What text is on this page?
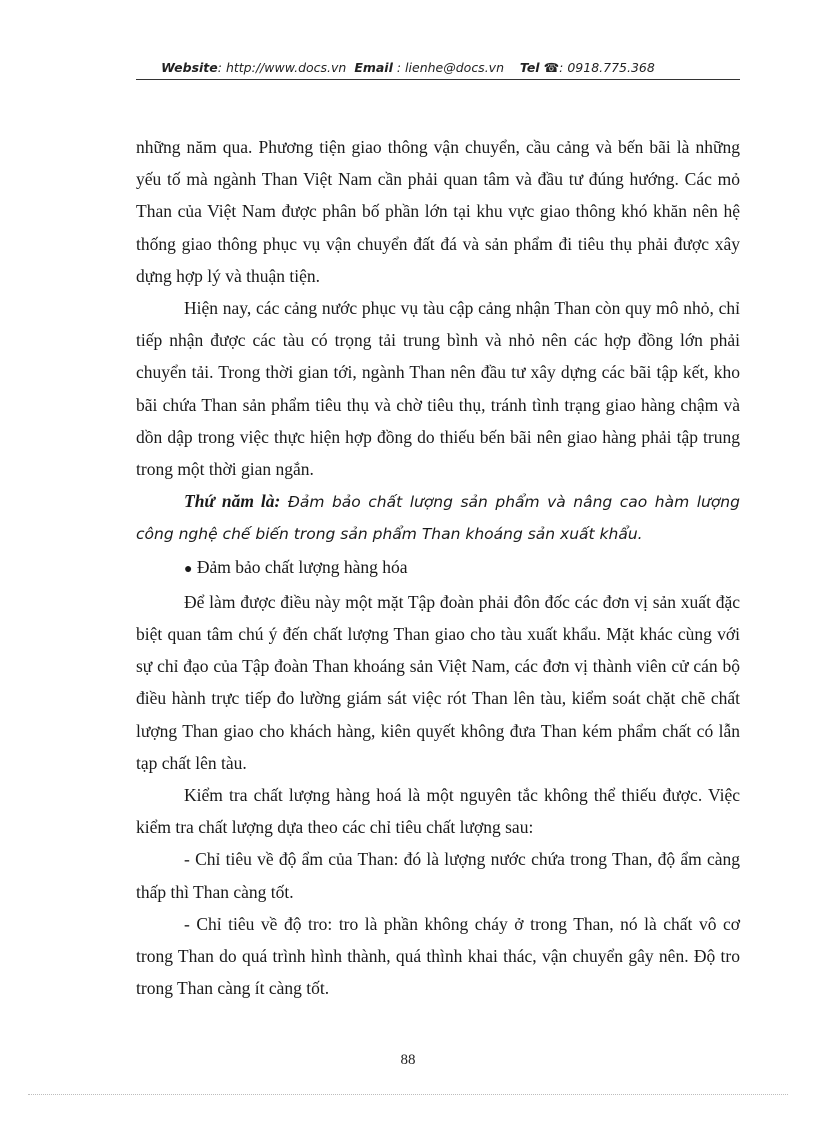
Website: http://www.docs.vn Email : lienhe@docs.vn Tel ☎: 0918.775.368

những năm qua. Phương tiện giao thông vận chuyển, cầu cảng và bến bãi là những yếu tố mà ngành Than Việt Nam cần phải quan tâm và đầu tư đúng hướng. Các mỏ Than của Việt Nam được phân bố phần lớn tại khu vực giao thông khó khăn nên hệ thống giao thông phục vụ vận chuyển đất đá và sản phẩm đi tiêu thụ phải được xây dựng hợp lý và thuận tiện.

Hiện nay, các cảng nước phục vụ tàu cập cảng nhận Than còn quy mô nhỏ, chỉ tiếp nhận được các tàu có trọng tải trung bình và nhỏ nên các hợp đồng lớn phải chuyển tải. Trong thời gian tới, ngành Than nên đầu tư xây dựng các bãi tập kết, kho bãi chứa Than sản phẩm tiêu thụ và chờ tiêu thụ, tránh tình trạng giao hàng chậm và dồn dập trong việc thực hiện hợp đồng do thiếu bến bãi nên giao hàng phải tập trung trong một thời gian ngắn.

Thứ năm là: Đảm bảo chất lượng sản phẩm và nâng cao hàm lượng công nghệ chế biến trong sản phẩm Than khoáng sản xuất khẩu.

● Đảm bảo chất lượng hàng hóa

Để làm được điều này một mặt Tập đoàn phải đôn đốc các đơn vị sản xuất đặc biệt quan tâm chú ý đến chất lượng Than giao cho tàu xuất khẩu. Mặt khác cùng với sự chỉ đạo của Tập đoàn Than khoáng sản Việt Nam, các đơn vị thành viên cử cán bộ điều hành trực tiếp đo lường giám sát việc rót Than lên tàu, kiểm soát chặt chẽ chất lượng Than giao cho khách hàng, kiên quyết không đưa Than kém phẩm chất có lẫn tạp chất lên tàu.

Kiểm tra chất lượng hàng hoá là một nguyên tắc không thể thiếu được. Việc kiểm tra chất lượng dựa theo các chỉ tiêu chất lượng sau:

- Chỉ tiêu về độ ẩm của Than: đó là lượng nước chứa trong Than, độ ẩm càng thấp thì Than càng tốt.

- Chỉ tiêu về độ tro: tro là phần không cháy ở trong Than, nó là chất vô cơ trong Than do quá trình hình thành, quá thình khai thác, vận chuyển gây nên. Độ tro trong Than càng ít càng tốt.

88
